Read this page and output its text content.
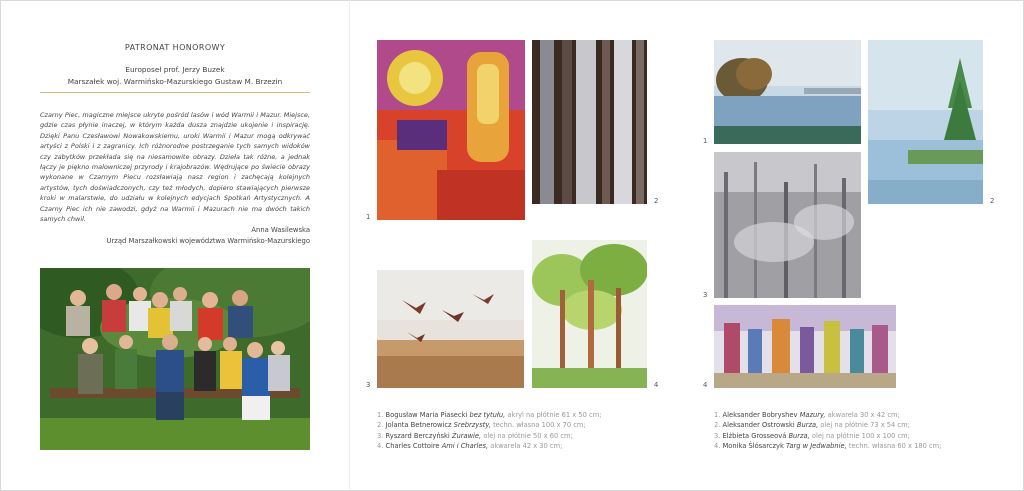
PATRONAT HONOROWY
Europoseł prof. Jerzy Buzek
Marszałek woj. Warmińsko-Mazurskiego Gustaw M. Brzezin
Czarny Piec, magiczne miejsce ukryte pośród lasów i wód Warmii i Mazur. Miejsce, gdzie czas płynie inaczej, w którym każda dusza znajdzie ukojenie i inspirację. Dzięki Panu Czesławowi Nowakowskiemu, uroki Warmii i Mazur mogą odkrywać artyści z Polski i z zagranicy. Ich różnorodne postrzeganie tych samych widoków czy zabytków przekłada się na niesamowite obrazy. Dzieła tak różne, a jednak łączy je piękno malowniczej przyrody i krajobrazów. Wędrujące po świecie obrazy wykonane w Czarnym Piecu rozsławiają nasz region i zachęcają kolejnych artystów, tych doświadczonych, czy też młodych, dopiero stawiających pierwsze kroki w malarstwie, do udziału w kolejnych edycjach Spotkań Artystycznych. A Czarny Piec ich nie zawodzi, gdyż na Warmii i Mazurach nie ma dwóch takich samych chwil.
Anna Wasilewska
Urząd Marszałkowski województwa Warmińsko-Mazurskiego
1
2
3	4
1. Bogusław Maria Piasecki bez tytułu, akryl na płótnie 61 x 50 cm;
2. Jolanta Betnerowicz Srebrzysty, techn. własna 100 x 70 cm;
3. Ryszard Berczyński Żurawie, olej na płótnie 50 x 60 cm;
4. Charles Cottoire Ami i Charles, akwarela 42 x 30 cm;
1
2
3
4
1. Aleksander Bobryshev Mazury, akwarela 30 x 42 cm;
2. Aleksander Ostrowski Burza, olej na płótnie 73 x 54 cm;
3. Elżbieta Grosseová Burza, olej na płótnie 100 x 100 cm;
4. Monika Ślósarczyk Targ w Jedwabnie, techn. własna 60 x 180 cm;
